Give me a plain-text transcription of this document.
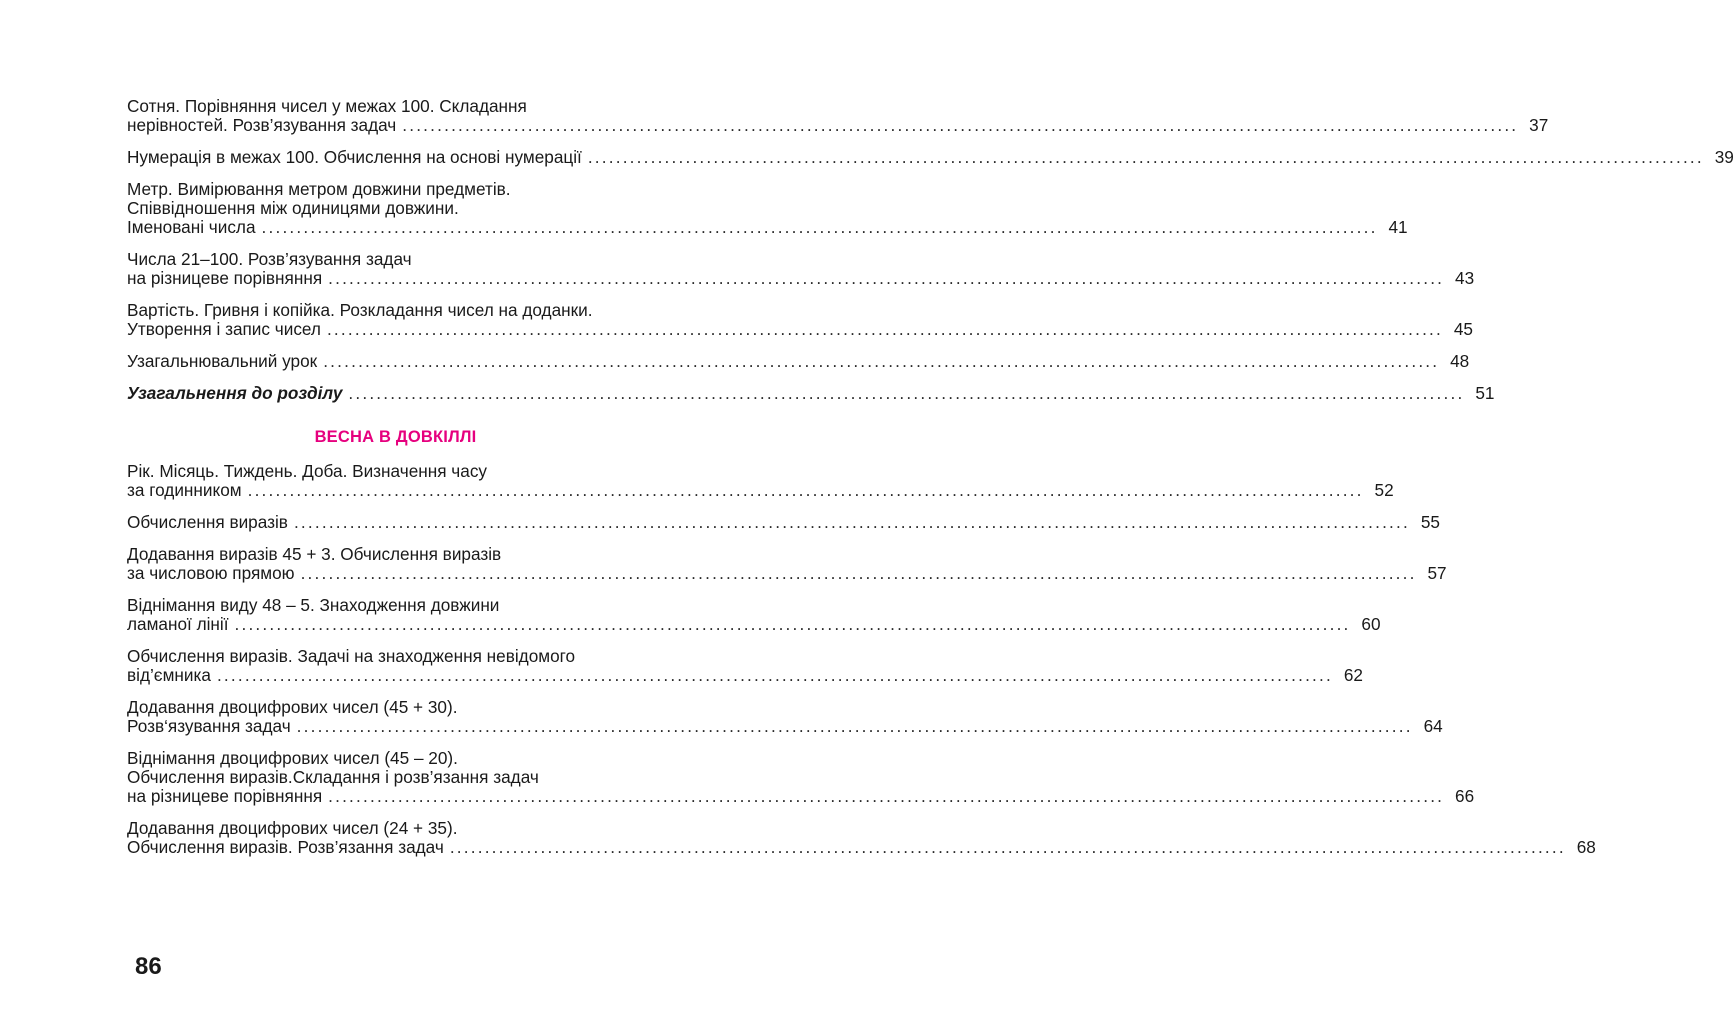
Сотня. Порівняння чисел у межах 100. Складання
нерівностей. Розв’язування задач ................................................................................................................................................................ 37
Нумерація в межах 100. Обчислення на основі нумерації ................................................................................................................................................................ 39
Метр. Вимірювання метром довжини предметів.
Співвідношення між одиницями довжини.
Іменовані числа ................................................................................................................................................................ 41
Числа 21–100. Розв’язування задач
на різницеве порівняння ................................................................................................................................................................ 43
Вартість. Гривня і копійка. Розкладання чисел на доданки.
Утворення і запис чисел ................................................................................................................................................................ 45
Узагальнювальний урок ................................................................................................................................................................ 48
Узагальнення до розділу ................................................................................................................................................................ 51
ВЕСНА В ДОВКІЛЛІ
Рік. Місяць. Тиждень. Доба. Визначення часу
за годинником ................................................................................................................................................................ 52
Обчислення виразів ................................................................................................................................................................ 55
Додавання виразів 45 + 3. Обчислення виразів
за числовою прямою ................................................................................................................................................................ 57
Віднімання виду 48 – 5. Знаходження довжини
ламаної лінії ................................................................................................................................................................ 60
Обчислення виразів. Задачі на знаходження невідомого
від’ємника ................................................................................................................................................................ 62
Додавання двоцифрових чисел (45 + 30).
Розв‘язування задач ................................................................................................................................................................ 64
Віднімання двоцифрових чисел (45 – 20).
Обчислення виразів.Складання і розв’язання задач
на різницеве порівняння ................................................................................................................................................................ 66
Додавання двоцифрових чисел (24 + 35).
Обчислення виразів. Розв’язання задач ................................................................................................................................................................ 68
86
